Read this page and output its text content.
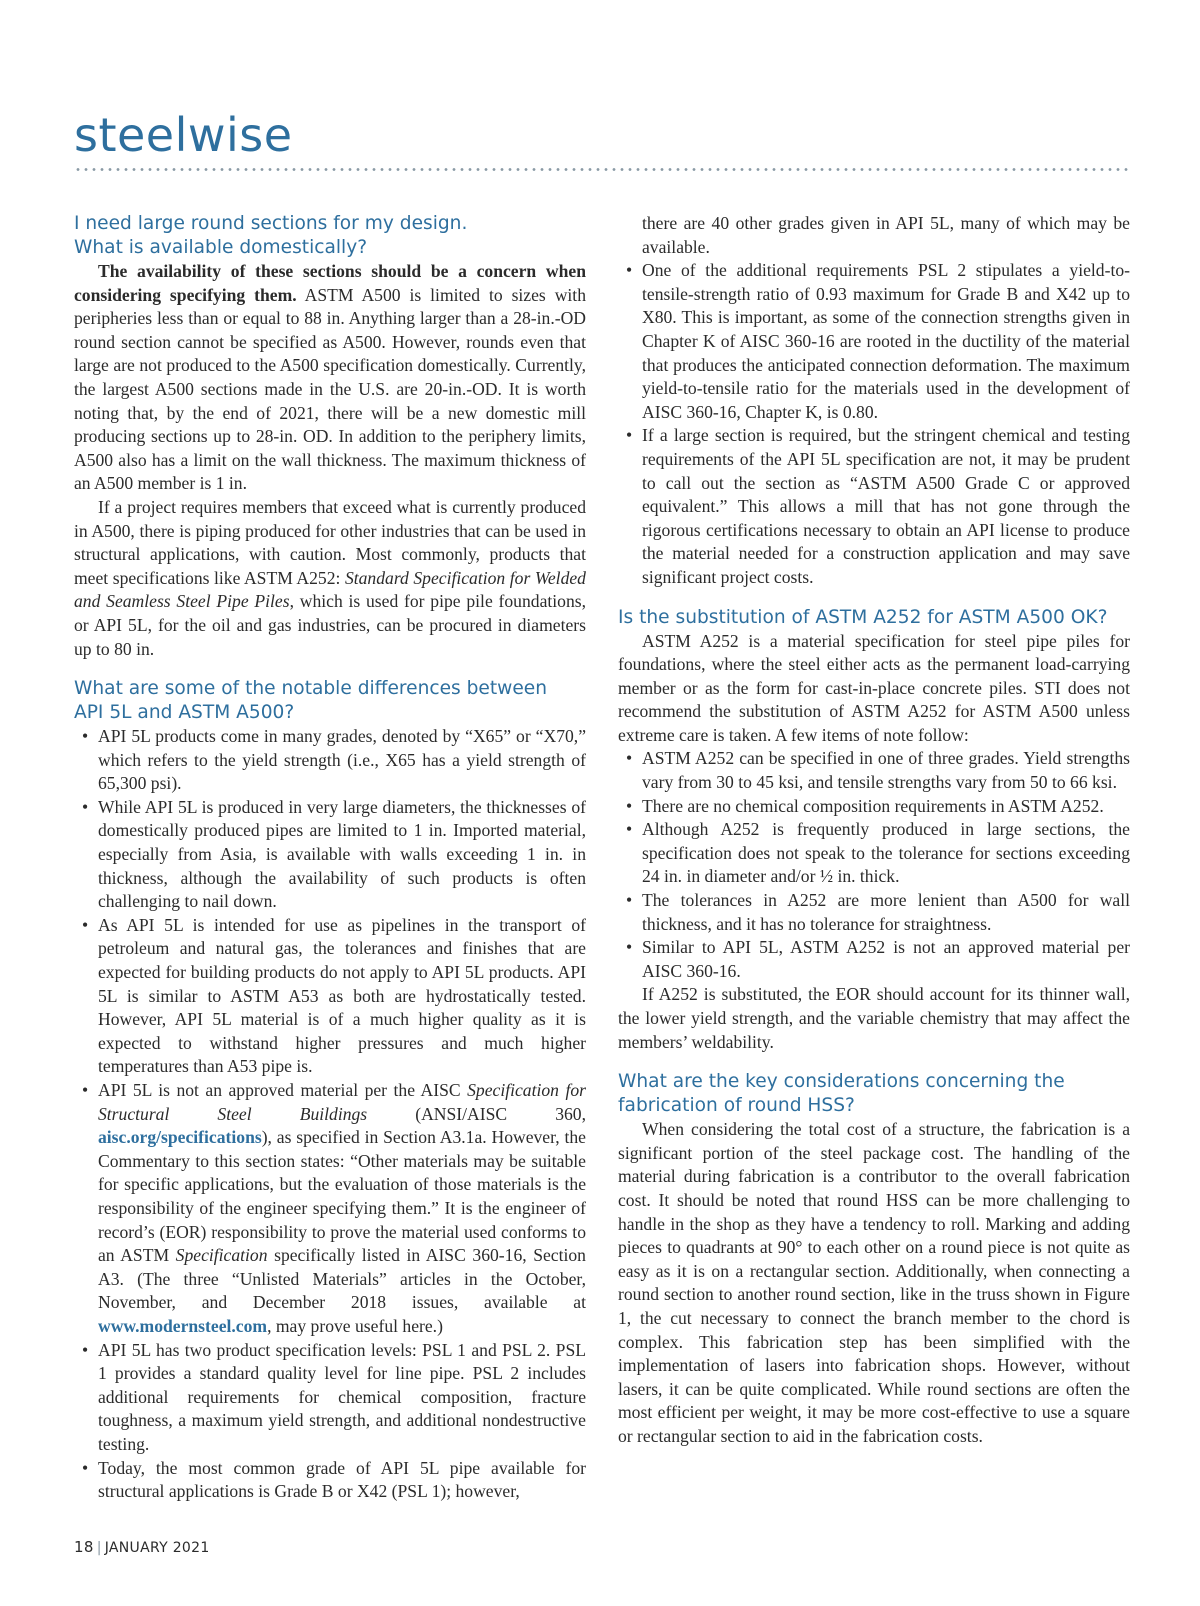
steelwise
I need large round sections for my design.
What is available domestically?

The availability of these sections should be a concern when considering specifying them. ASTM A500 is limited to sizes with peripheries less than or equal to 88 in. Anything larger than a 28-in.-OD round section cannot be specified as A500. However, rounds even that large are not produced to the A500 specification domestically. Currently, the largest A500 sections made in the U.S. are 20-in.-OD. It is worth noting that, by the end of 2021, there will be a new domestic mill producing sections up to 28-in. OD. In addition to the periphery limits, A500 also has a limit on the wall thickness. The maximum thickness of an A500 member is 1 in.

If a project requires members that exceed what is currently produced in A500, there is piping produced for other industries that can be used in structural applications, with caution. Most commonly, products that meet specifications like ASTM A252: Standard Specification for Welded and Seamless Steel Pipe Piles, which is used for pipe pile foundations, or API 5L, for the oil and gas industries, can be procured in diameters up to 80 in.

What are some of the notable differences between
API 5L and ASTM A500?
• API 5L products come in many grades, denoted by “X65” or “X70,” which refers to the yield strength (i.e., X65 has a yield strength of 65,300 psi).
• While API 5L is produced in very large diameters, the thicknesses of domestically produced pipes are limited to 1 in. Imported material, especially from Asia, is available with walls exceeding 1 in. in thickness, although the availability of such products is often challenging to nail down.
• As API 5L is intended for use as pipelines in the transport of petroleum and natural gas, the tolerances and finishes that are expected for building products do not apply to API 5L products. API 5L is similar to ASTM A53 as both are hydrostatically tested. However, API 5L material is of a much higher quality as it is expected to withstand higher pressures and much higher temperatures than A53 pipe is.
• API 5L is not an approved material per the AISC Specification for Structural Steel Buildings (ANSI/AISC 360, aisc.org/specifications), as specified in Section A3.1a. However, the Commentary to this section states: “Other materials may be suitable for specific applications, but the evaluation of those materials is the responsibility of the engineer specifying them.” It is the engineer of record’s (EOR) responsibility to prove the material used conforms to an ASTM Specification specifically listed in AISC 360-16, Section A3. (The three “Unlisted Materials” articles in the October, November, and December 2018 issues, available at www.modernsteel.com, may prove useful here.)
• API 5L has two product specification levels: PSL 1 and PSL 2. PSL 1 provides a standard quality level for line pipe. PSL 2 includes additional requirements for chemical composition, fracture toughness, a maximum yield strength, and additional nondestructive testing.
• Today, the most common grade of API 5L pipe available for structural applications is Grade B or X42 (PSL 1); however,
there are 40 other grades given in API 5L, many of which may be available.
• One of the additional requirements PSL 2 stipulates a yield-to-tensile-strength ratio of 0.93 maximum for Grade B and X42 up to X80. This is important, as some of the connection strengths given in Chapter K of AISC 360-16 are rooted in the ductility of the material that produces the anticipated connection deformation. The maximum yield-to-tensile ratio for the materials used in the development of AISC 360-16, Chapter K, is 0.80.
• If a large section is required, but the stringent chemical and testing requirements of the API 5L specification are not, it may be prudent to call out the section as “ASTM A500 Grade C or approved equivalent.” This allows a mill that has not gone through the rigorous certifications necessary to obtain an API license to produce the material needed for a construction application and may save significant project costs.
Is the substitution of ASTM A252 for ASTM A500 OK?

ASTM A252 is a material specification for steel pipe piles for foundations, where the steel either acts as the permanent load-carrying member or as the form for cast-in-place concrete piles. STI does not recommend the substitution of ASTM A252 for ASTM A500 unless extreme care is taken. A few items of note follow:

• ASTM A252 can be specified in one of three grades. Yield strengths vary from 30 to 45 ksi, and tensile strengths vary from 50 to 66 ksi.
• There are no chemical composition requirements in ASTM A252.
• Although A252 is frequently produced in large sections, the specification does not speak to the tolerance for sections exceeding 24 in. in diameter and/or ½ in. thick.
• The tolerances in A252 are more lenient than A500 for wall thickness, and it has no tolerance for straightness.
• Similar to API 5L, ASTM A252 is not an approved material per AISC 360-16.

If A252 is substituted, the EOR should account for its thinner wall, the lower yield strength, and the variable chemistry that may affect the members’ weldability.

What are the key considerations concerning the
fabrication of round HSS?

When considering the total cost of a structure, the fabrication is a significant portion of the steel package cost. The handling of the material during fabrication is a contributor to the overall fabrication cost. It should be noted that round HSS can be more challenging to handle in the shop as they have a tendency to roll. Marking and adding pieces to quadrants at 90° to each other on a round piece is not quite as easy as it is on a rectangular section. Additionally, when connecting a round section to another round section, like in the truss shown in Figure 1, the cut necessary to connect the branch member to the chord is complex. This fabrication step has been simplified with the implementation of lasers into fabrication shops. However, without lasers, it can be quite complicated. While round sections are often the most efficient per weight, it may be more cost-effective to use a square or rectangular section to aid in the fabrication costs.

18 | JANUARY 2021
